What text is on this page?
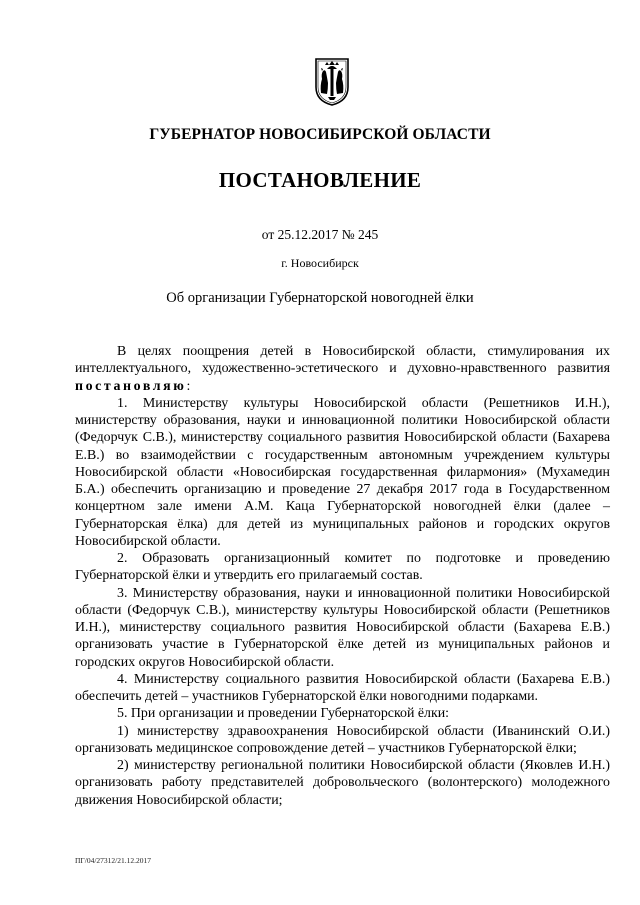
ГУБЕРНАТОР НОВОСИБИРСКОЙ ОБЛАСТИ
ПОСТАНОВЛЕНИЕ
от 25.12.2017 № 245
г. Новосибирск
Об организации Губернаторской новогодней ёлки

В целях поощрения детей в Новосибирской области, стимулирования их интеллектуального, художественно-эстетического и духовно-нравственного развития постановляю:

1. Министерству культуры Новосибирской области (Решетников И.Н.), министерству образования, науки и инновационной политики Новосибирской области (Федорчук С.В.), министерству социального развития Новосибирской области (Бахарева Е.В.) во взаимодействии с государственным автономным учреждением культуры Новосибирской области «Новосибирская государственная филармония» (Мухамедин Б.А.) обеспечить организацию и проведение 27 декабря 2017 года в Государственном концертном зале имени А.М. Каца Губернаторской новогодней ёлки (далее – Губернаторская ёлка) для детей из муниципальных районов и городских округов Новосибирской области.

2. Образовать организационный комитет по подготовке и проведению Губернаторской ёлки и утвердить его прилагаемый состав.

3. Министерству образования, науки и инновационной политики Новосибирской области (Федорчук С.В.), министерству культуры Новосибирской области (Решетников И.Н.), министерству социального развития Новосибирской области (Бахарева Е.В.) организовать участие в Губернаторской ёлке детей из муниципальных районов и городских округов Новосибирской области.

4. Министерству социального развития Новосибирской области (Бахарева Е.В.) обеспечить детей – участников Губернаторской ёлки новогодними подарками.

5. При организации и проведении Губернаторской ёлки:

1) министерству здравоохранения Новосибирской области (Иванинский О.И.) организовать медицинское сопровождение детей – участников Губернаторской ёлки;

2) министерству региональной политики Новосибирской области (Яковлев И.Н.) организовать работу представителей добровольческого (волонтерского) молодежного движения Новосибирской области;

ПГ/04/27312/21.12.2017
